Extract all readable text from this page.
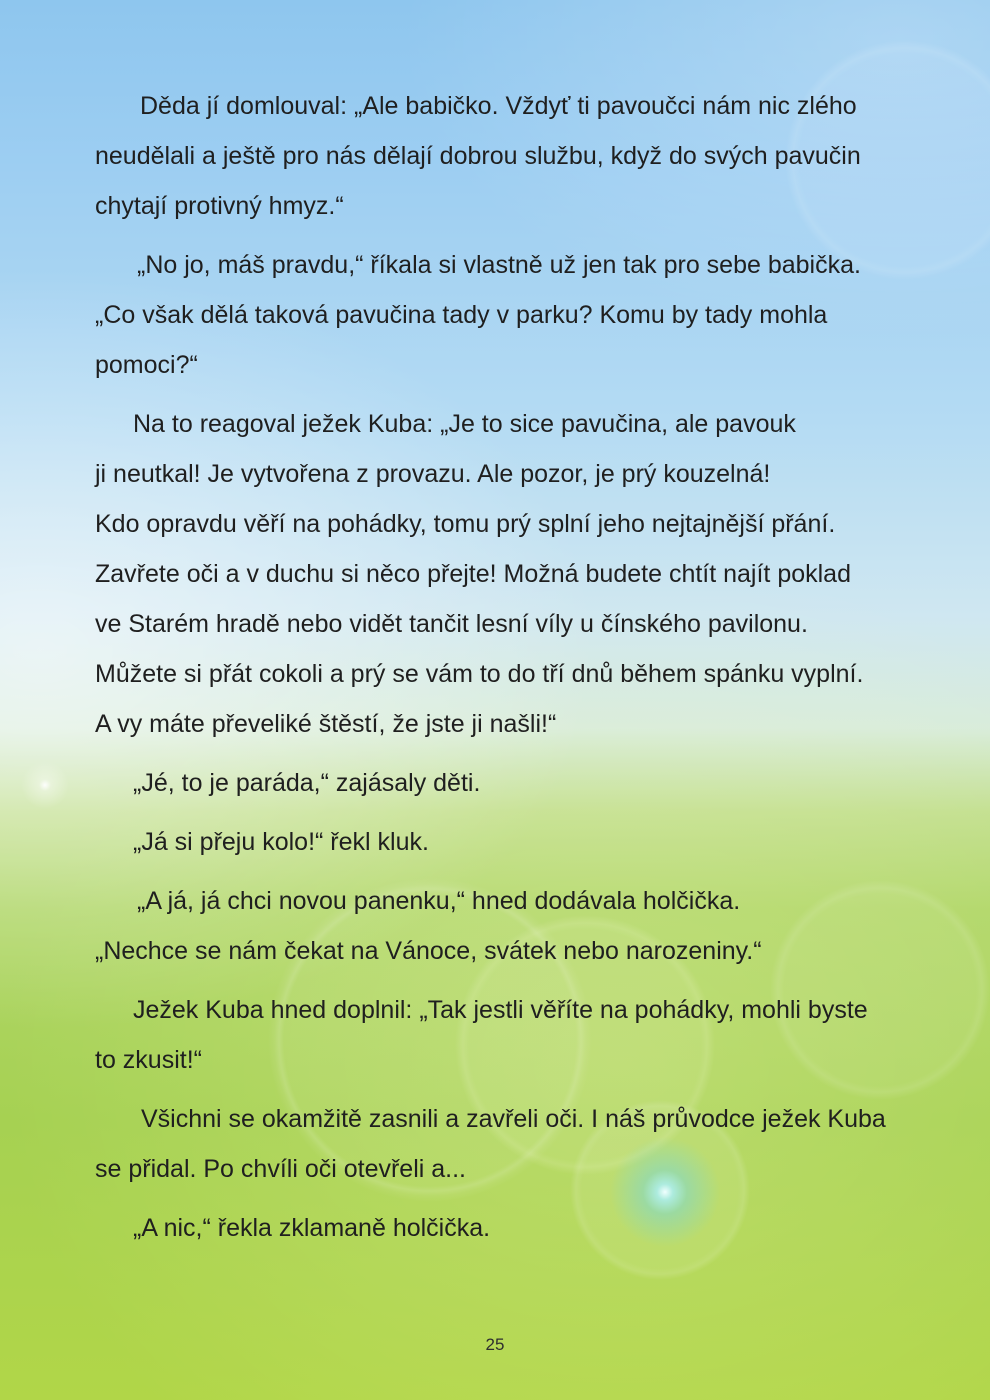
Děda jí domlouval: „Ale babičko. Vždyť ti pavoučci nám nic zlého
neudělali a ještě pro nás dělají dobrou službu, když do svých pavučin
chytají protivný hmyz.“
„No jo, máš pravdu,“ říkala si vlastně už jen tak pro sebe babička.
„Co však dělá taková pavučina tady v parku? Komu by tady mohla
pomoci?“
Na to reagoval ježek Kuba: „Je to sice pavučina, ale pavouk
ji neutkal! Je vytvořena z provazu. Ale pozor, je prý kouzelná!
Kdo opravdu věří na pohádky, tomu prý splní jeho nejtajnější přání.
Zavřete oči a v duchu si něco přejte! Možná budete chtít najít poklad
ve Starém hradě nebo vidět tančit lesní víly u čínského pavilonu.
Můžete si přát cokoli a prý se vám to do tří dnů během spánku vyplní.
A vy máte převeliké štěstí, že jste ji našli!“
„Jé, to je paráda,“ zajásaly děti.
„Já si přeju kolo!“ řekl kluk.
„A já, já chci novou panenku,“ hned dodávala holčička.
„Nechce se nám čekat na Vánoce, svátek nebo narozeniny.“
Ježek Kuba hned doplnil: „Tak jestli věříte na pohádky, mohli byste
to zkusit!“
Všichni se okamžitě zasnili a zavřeli oči. I náš průvodce ježek Kuba
se přidal. Po chvíli oči otevřeli a...
„A nic,“ řekla zklamaně holčička.
25
